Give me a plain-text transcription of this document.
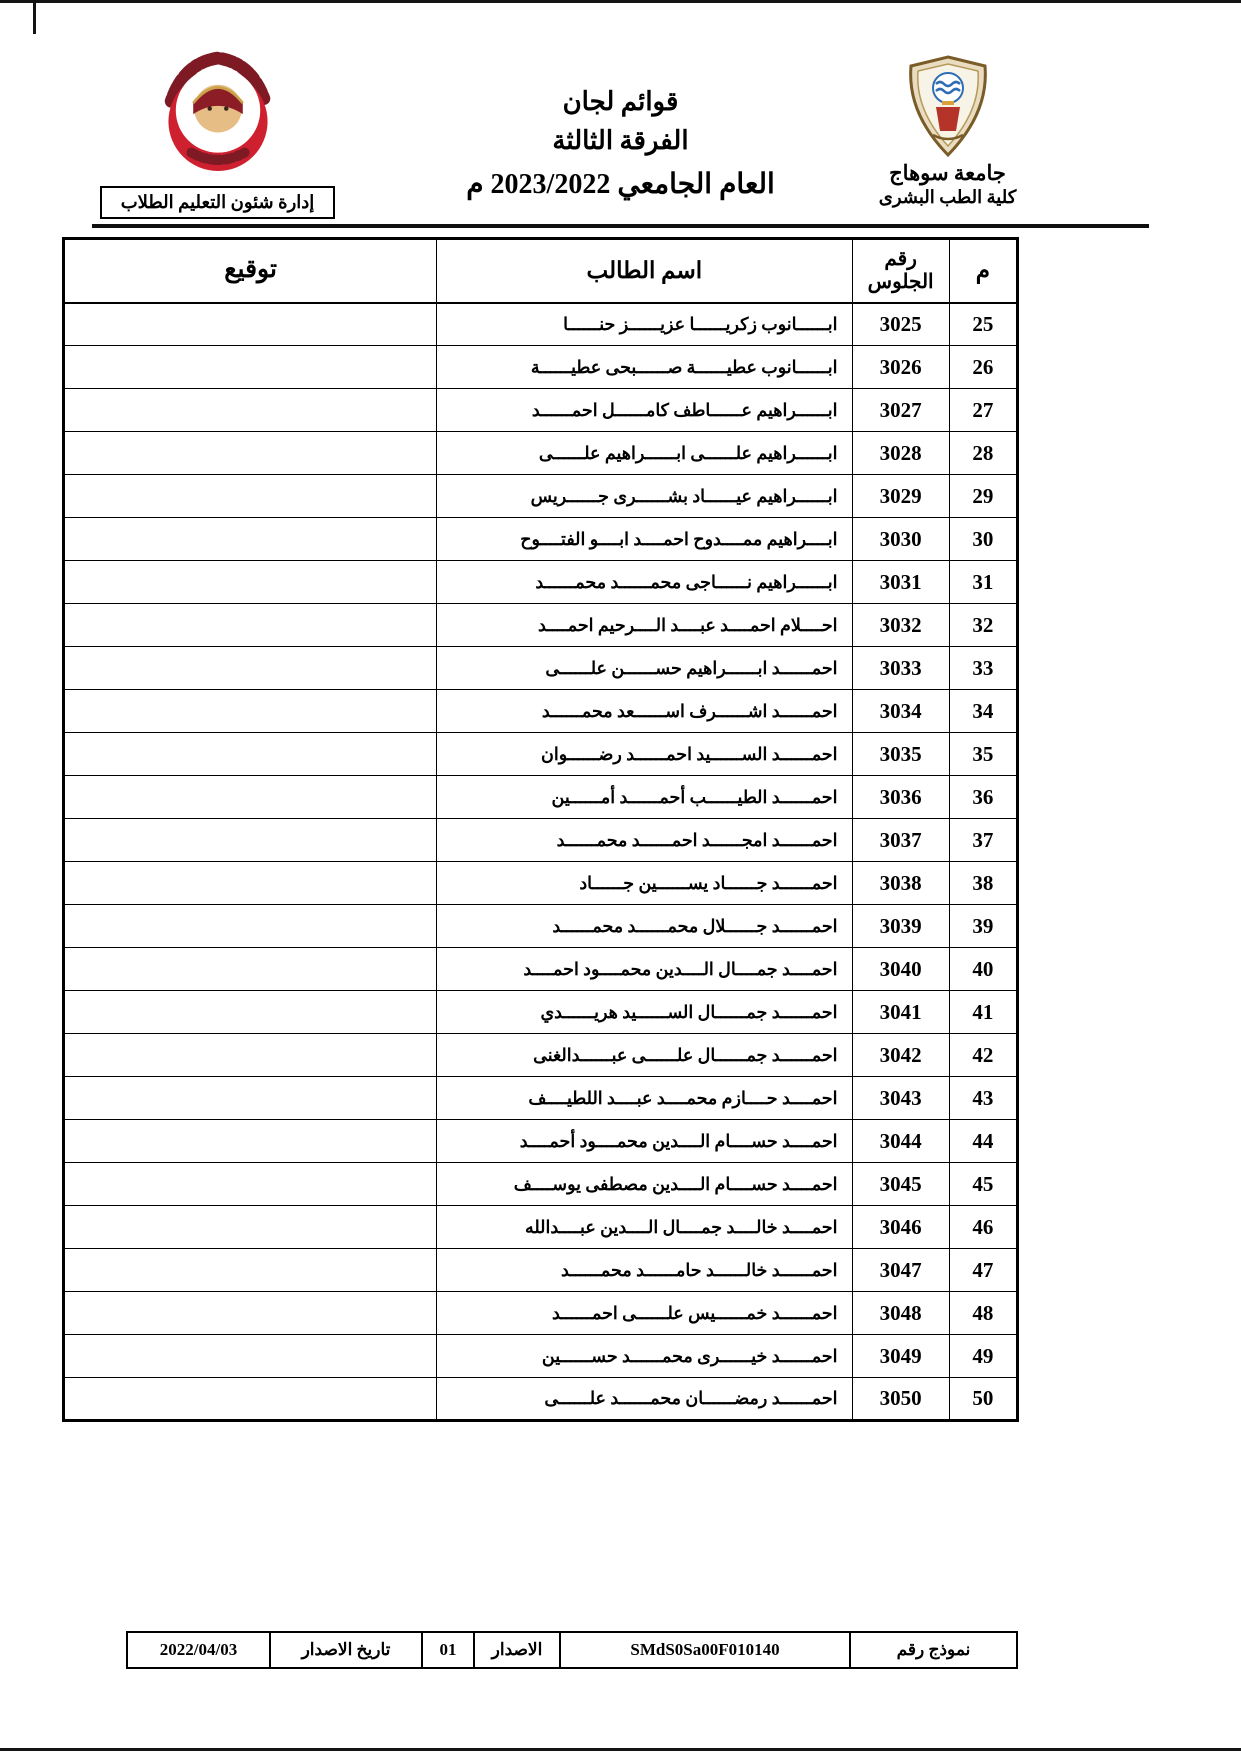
جامعة سوهاج
كلية الطب البشرى
قوائم لجان
الفرقة الثالثة
العام الجامعي 2023/2022 م
إدارة شئون التعليم الطلاب
م	رقم الجلوس	اسم الطالب	توقيع
25	3025	ابــــــانوب زكريــــــا عزيــــــز حنــــــا	
26	3026	ابــــــانوب عطيــــــة صــــــبحى عطيــــــة	
27	3027	ابــــــراهيم عــــــاطف كامــــــل احمــــــد	
28	3028	ابــــــراهيم علــــــى ابــــــراهيم علــــــى	
29	3029	ابــــــراهيم عيــــــاد بشــــــرى جــــــريس	
30	3030	ابــــراهيم ممــــدوح احمــــد ابــــو الفتــــوح	
31	3031	ابــــــراهيم نــــــاجى محمــــــد محمــــــد	
32	3032	احــــلام احمــــد عبــــد الــــرحيم احمــــد	
33	3033	احمــــــد ابــــــراهيم حســــــن علــــــى	
34	3034	احمــــــد اشــــــرف اســــــعد محمــــــد	
35	3035	احمــــــد الســــــيد احمــــــد رضــــــوان	
36	3036	احمــــــد الطيــــــب أحمــــــد أمــــــين	
37	3037	احمــــــد امجــــــد احمــــــد محمــــــد	
38	3038	احمــــــد جــــــاد يســــــين جــــــاد	
39	3039	احمــــــد جــــــلال محمــــــد محمــــــد	
40	3040	احمــــد جمــــال الــــدين محمــــود احمــــد	
41	3041	احمــــــد جمــــــال الســــــيد هريــــــدي	
42	3042	احمــــــد جمــــــال علــــــى عبــــــدالغنى	
43	3043	احمــــد حــــازم محمــــد عبــــد اللطيــــف	
44	3044	احمــــد حســــام الــــدين محمــــود أحمــــد	
45	3045	احمــــد حســــام الــــدين مصطفى يوســــف	
46	3046	احمــــد خالــــد جمــــال الــــدين عبــــدالله	
47	3047	احمــــــد خالــــــد حامــــــد محمــــــد	
48	3048	احمــــــد خمــــــيس علــــــى احمــــــد	
49	3049	احمــــــد خيــــــرى محمــــــد حســــــين	
50	3050	احمــــــد رمضــــــان محمــــــد علــــــى	
نموذج رقم	SMdS0Sa00F010140	الاصدار	01	تاريخ الاصدار	2022/04/03
